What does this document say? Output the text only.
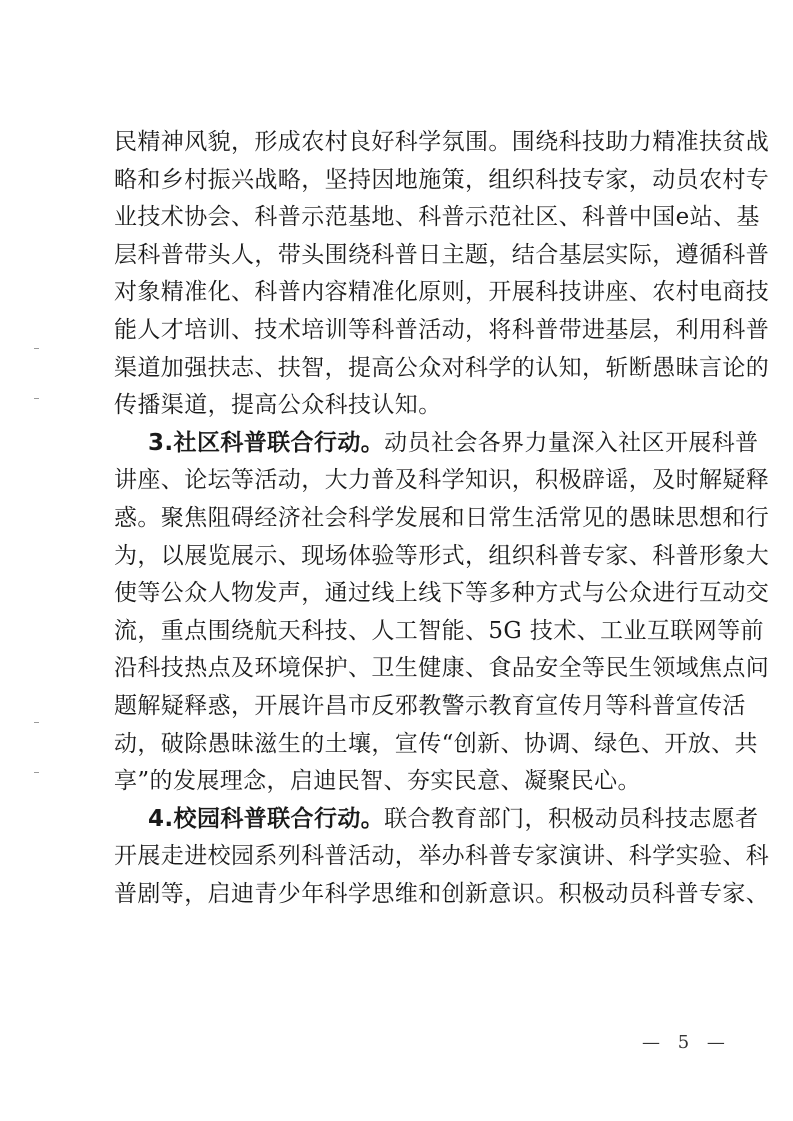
民精神风貌，形成农村良好科学氛围。围绕科技助力精准扶贫战
略和乡村振兴战略，坚持因地施策，组织科技专家，动员农村专
业技术协会、科普示范基地、科普示范社区、科普中国e站、基
层科普带头人，带头围绕科普日主题，结合基层实际，遵循科普
对象精准化、科普内容精准化原则，开展科技讲座、农村电商技
能人才培训、技术培训等科普活动，将科普带进基层，利用科普
渠道加强扶志、扶智，提高公众对科学的认知，斩断愚昧言论的
传播渠道，提高公众科技认知。
3.社区科普联合行动。动员社会各界力量深入社区开展科普
讲座、论坛等活动，大力普及科学知识，积极辟谣，及时解疑释
惑。聚焦阻碍经济社会科学发展和日常生活常见的愚昧思想和行
为，以展览展示、现场体验等形式，组织科普专家、科普形象大
使等公众人物发声，通过线上线下等多种方式与公众进行互动交
流，重点围绕航天科技、人工智能、5G 技术、工业互联网等前
沿科技热点及环境保护、卫生健康、食品安全等民生领域焦点问
题解疑释惑，开展许昌市反邪教警示教育宣传月等科普宣传活
动，破除愚昧滋生的土壤，宣传“创新、协调、绿色、开放、共
享”的发展理念，启迪民智、夯实民意、凝聚民心。
4.校园科普联合行动。联合教育部门，积极动员科技志愿者
开展走进校园系列科普活动，举办科普专家演讲、科学实验、科
普剧等，启迪青少年科学思维和创新意识。积极动员科普专家、
— 5 —
